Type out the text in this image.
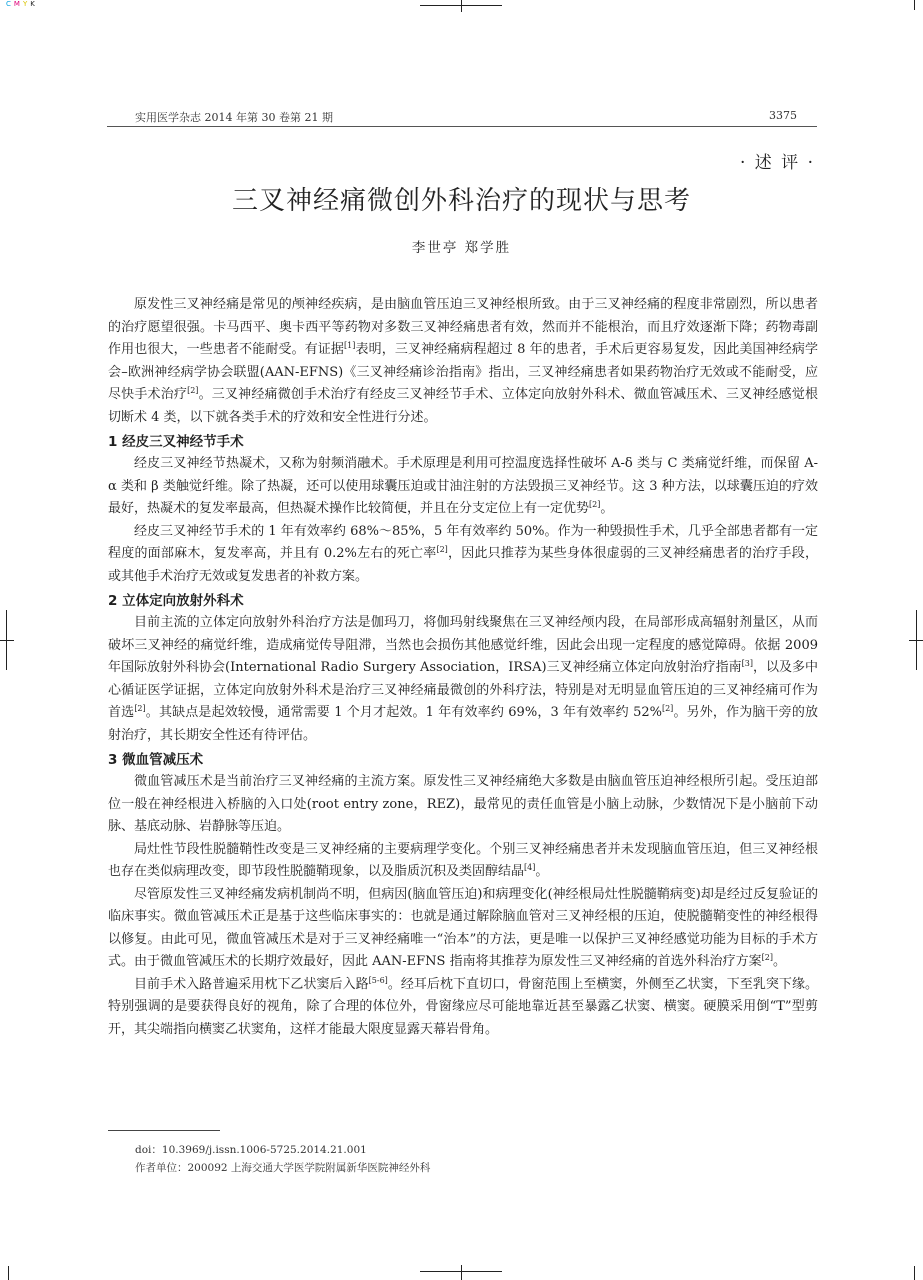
C M Y K
实用医学杂志 2014 年第 30 卷第 21 期	3375
· 述 评 ·
三叉神经痛微创外科治疗的现状与思考
李世亭 郑学胜

原发性三叉神经痛是常见的颅神经疾病，是由脑血管压迫三叉神经根所致。由于三叉神经痛的程度非常剧烈，所以患者的治疗愿望很强。卡马西平、奥卡西平等药物对多数三叉神经痛患者有效，然而并不能根治，而且疗效逐渐下降；药物毒副作用也很大，一些患者不能耐受。有证据[1]表明，三叉神经痛病程超过 8 年的患者，手术后更容易复发，因此美国神经病学会–欧洲神经病学协会联盟(AAN-EFNS)《三叉神经痛诊治指南》指出，三叉神经痛患者如果药物治疗无效或不能耐受，应尽快手术治疗[2]。三叉神经痛微创手术治疗有经皮三叉神经节手术、立体定向放射外科术、微血管减压术、三叉神经感觉根切断术 4 类，以下就各类手术的疗效和安全性进行分述。

1 经皮三叉神经节手术

经皮三叉神经节热凝术，又称为射频消融术。手术原理是利用可控温度选择性破坏 A-δ 类与 C 类痛觉纤维，而保留 A-α 类和 β 类触觉纤维。除了热凝，还可以使用球囊压迫或甘油注射的方法毁损三叉神经节。这 3 种方法，以球囊压迫的疗效最好，热凝术的复发率最高，但热凝术操作比较简便，并且在分支定位上有一定优势[2]。

经皮三叉神经节手术的 1 年有效率约 68%～85%，5 年有效率约 50%。作为一种毁损性手术，几乎全部患者都有一定程度的面部麻木，复发率高，并且有 0.2%左右的死亡率[2]，因此只推荐为某些身体很虚弱的三叉神经痛患者的治疗手段，或其他手术治疗无效或复发患者的补救方案。

2 立体定向放射外科术

目前主流的立体定向放射外科治疗方法是伽玛刀，将伽玛射线聚焦在三叉神经颅内段，在局部形成高辐射剂量区，从而破坏三叉神经的痛觉纤维，造成痛觉传导阻滞，当然也会损伤其他感觉纤维，因此会出现一定程度的感觉障碍。依据 2009 年国际放射外科协会(International Radio Surgery Association，IRSA)三叉神经痛立体定向放射治疗指南[3]，以及多中心循证医学证据，立体定向放射外科术是治疗三叉神经痛最微创的外科疗法，特别是对无明显血管压迫的三叉神经痛可作为首选[2]。其缺点是起效较慢，通常需要 1 个月才起效。1 年有效率约 69%，3 年有效率约 52%[2]。另外，作为脑干旁的放射治疗，其长期安全性还有待评估。

3 微血管减压术

微血管减压术是当前治疗三叉神经痛的主流方案。原发性三叉神经痛绝大多数是由脑血管压迫神经根所引起。受压迫部位一般在神经根进入桥脑的入口处(root entry zone，REZ)，最常见的责任血管是小脑上动脉，少数情况下是小脑前下动脉、基底动脉、岩静脉等压迫。

局灶性节段性脱髓鞘性改变是三叉神经痛的主要病理学变化。个别三叉神经痛患者并未发现脑血管压迫，但三叉神经根也存在类似病理改变，即节段性脱髓鞘现象，以及脂质沉积及类固醇结晶[4]。

尽管原发性三叉神经痛发病机制尚不明，但病因(脑血管压迫)和病理变化(神经根局灶性脱髓鞘病变)却是经过反复验证的临床事实。微血管减压术正是基于这些临床事实的：也就是通过解除脑血管对三叉神经根的压迫，使脱髓鞘变性的神经根得以修复。由此可见，微血管减压术是对于三叉神经痛唯一“治本”的方法，更是唯一以保护三叉神经感觉功能为目标的手术方式。由于微血管减压术的长期疗效最好，因此 AAN-EFNS 指南将其推荐为原发性三叉神经痛的首选外科治疗方案[2]。

目前手术入路普遍采用枕下乙状窦后入路[5-6]。经耳后枕下直切口，骨窗范围上至横窦，外侧至乙状窦，下至乳突下缘。特别强调的是要获得良好的视角，除了合理的体位外，骨窗缘应尽可能地靠近甚至暴露乙状窦、横窦。硬膜采用倒“T”型剪开，其尖端指向横窦乙状窦角，这样才能最大限度显露天幕岩骨角。

doi：10.3969/j.issn.1006-5725.2014.21.001
作者单位：200092 上海交通大学医学院附属新华医院神经外科
